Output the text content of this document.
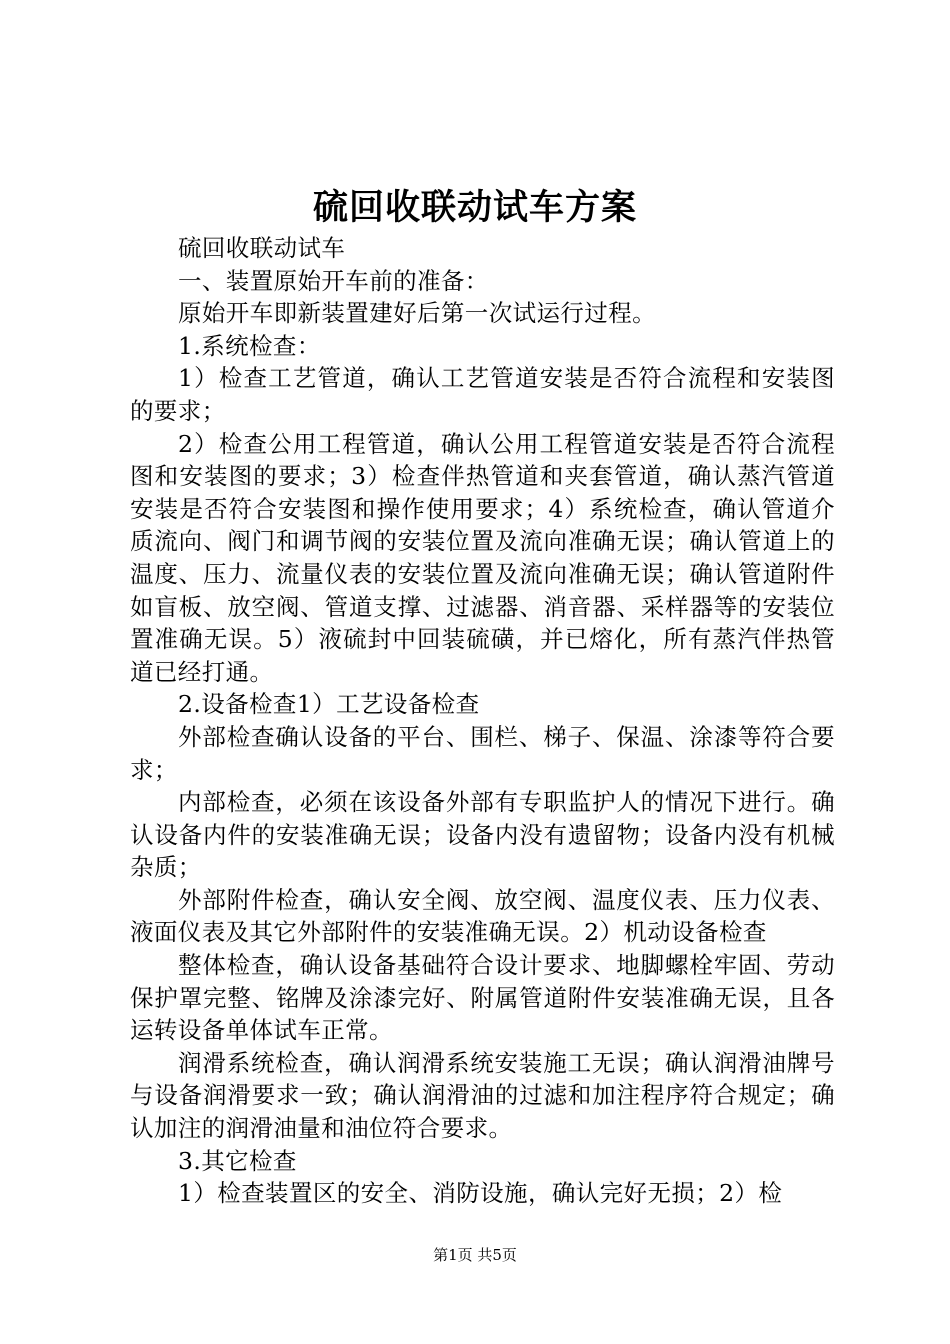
硫回收联动试车方案

硫回收联动试车

一、装置原始开车前的准备：

原始开车即新装置建好后第一次试运行过程。

1.系统检查：

1）检查工艺管道，确认工艺管道安装是否符合流程和安装图的要求；

2）检查公用工程管道，确认公用工程管道安装是否符合流程图和安装图的要求；3）检查伴热管道和夹套管道，确认蒸汽管道安装是否符合安装图和操作使用要求；4）系统检查，确认管道介质流向、阀门和调节阀的安装位置及流向准确无误；确认管道上的温度、压力、流量仪表的安装位置及流向准确无误；确认管道附件如盲板、放空阀、管道支撑、过滤器、消音器、采样器等的安装位置准确无误。5）液硫封中回装硫磺，并已熔化，所有蒸汽伴热管道已经打通。

2.设备检查1）工艺设备检查

外部检查确认设备的平台、围栏、梯子、保温、涂漆等符合要求；

内部检查，必须在该设备外部有专职监护人的情况下进行。确认设备内件的安装准确无误；设备内没有遗留物；设备内没有机械杂质；

外部附件检查，确认安全阀、放空阀、温度仪表、压力仪表、液面仪表及其它外部附件的安装准确无误。2）机动设备检查

整体检查，确认设备基础符合设计要求、地脚螺栓牢固、劳动保护罩完整、铭牌及涂漆完好、附属管道附件安装准确无误，且各运转设备单体试车正常。

润滑系统检查，确认润滑系统安装施工无误；确认润滑油牌号与设备润滑要求一致；确认润滑油的过滤和加注程序符合规定；确认加注的润滑油量和油位符合要求。

3.其它检查

1）检查装置区的安全、消防设施，确认完好无损；2）检

第1页 共5页
